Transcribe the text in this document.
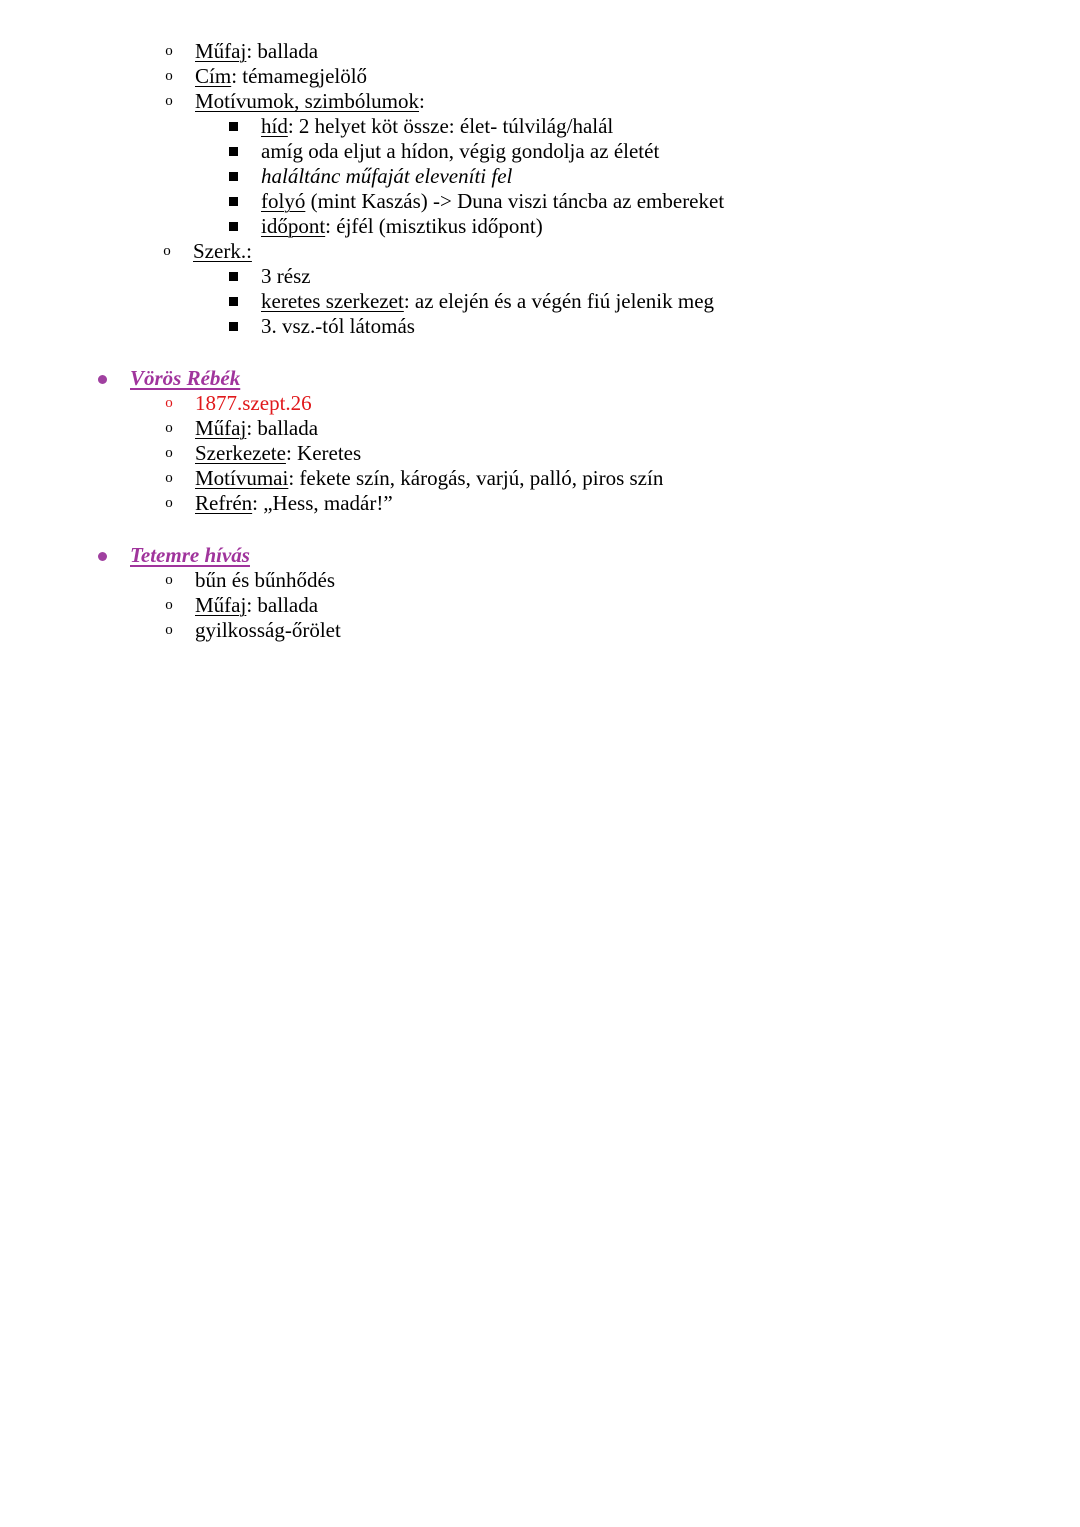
o Műfaj: ballada
o Cím: témamegjelölő
o Motívumok, szimbólumok:
híd: 2 helyet köt össze: élet- túlvilág/halál
amíg oda eljut a hídon, végig gondolja az életét
haláltánc műfaját eleveníti fel
folyó (mint Kaszás) -> Duna viszi táncba az embereket
időpont: éjfél (misztikus időpont)
o Szerk.:
3 rész
keretes szerkezet: az elején és a végén fiú jelenik meg
3. vsz.-tól látomás
Vörös Rébék
o 1877.szept.26
o Műfaj: ballada
o Szerkezete: Keretes
o Motívumai: fekete szín, károgás, varjú, palló, piros szín
o Refrén: „Hess, madár!”
Tetemre hívás
o bűn és bűnhődés
o Műfaj: ballada
o gyilkosság-őrölet
